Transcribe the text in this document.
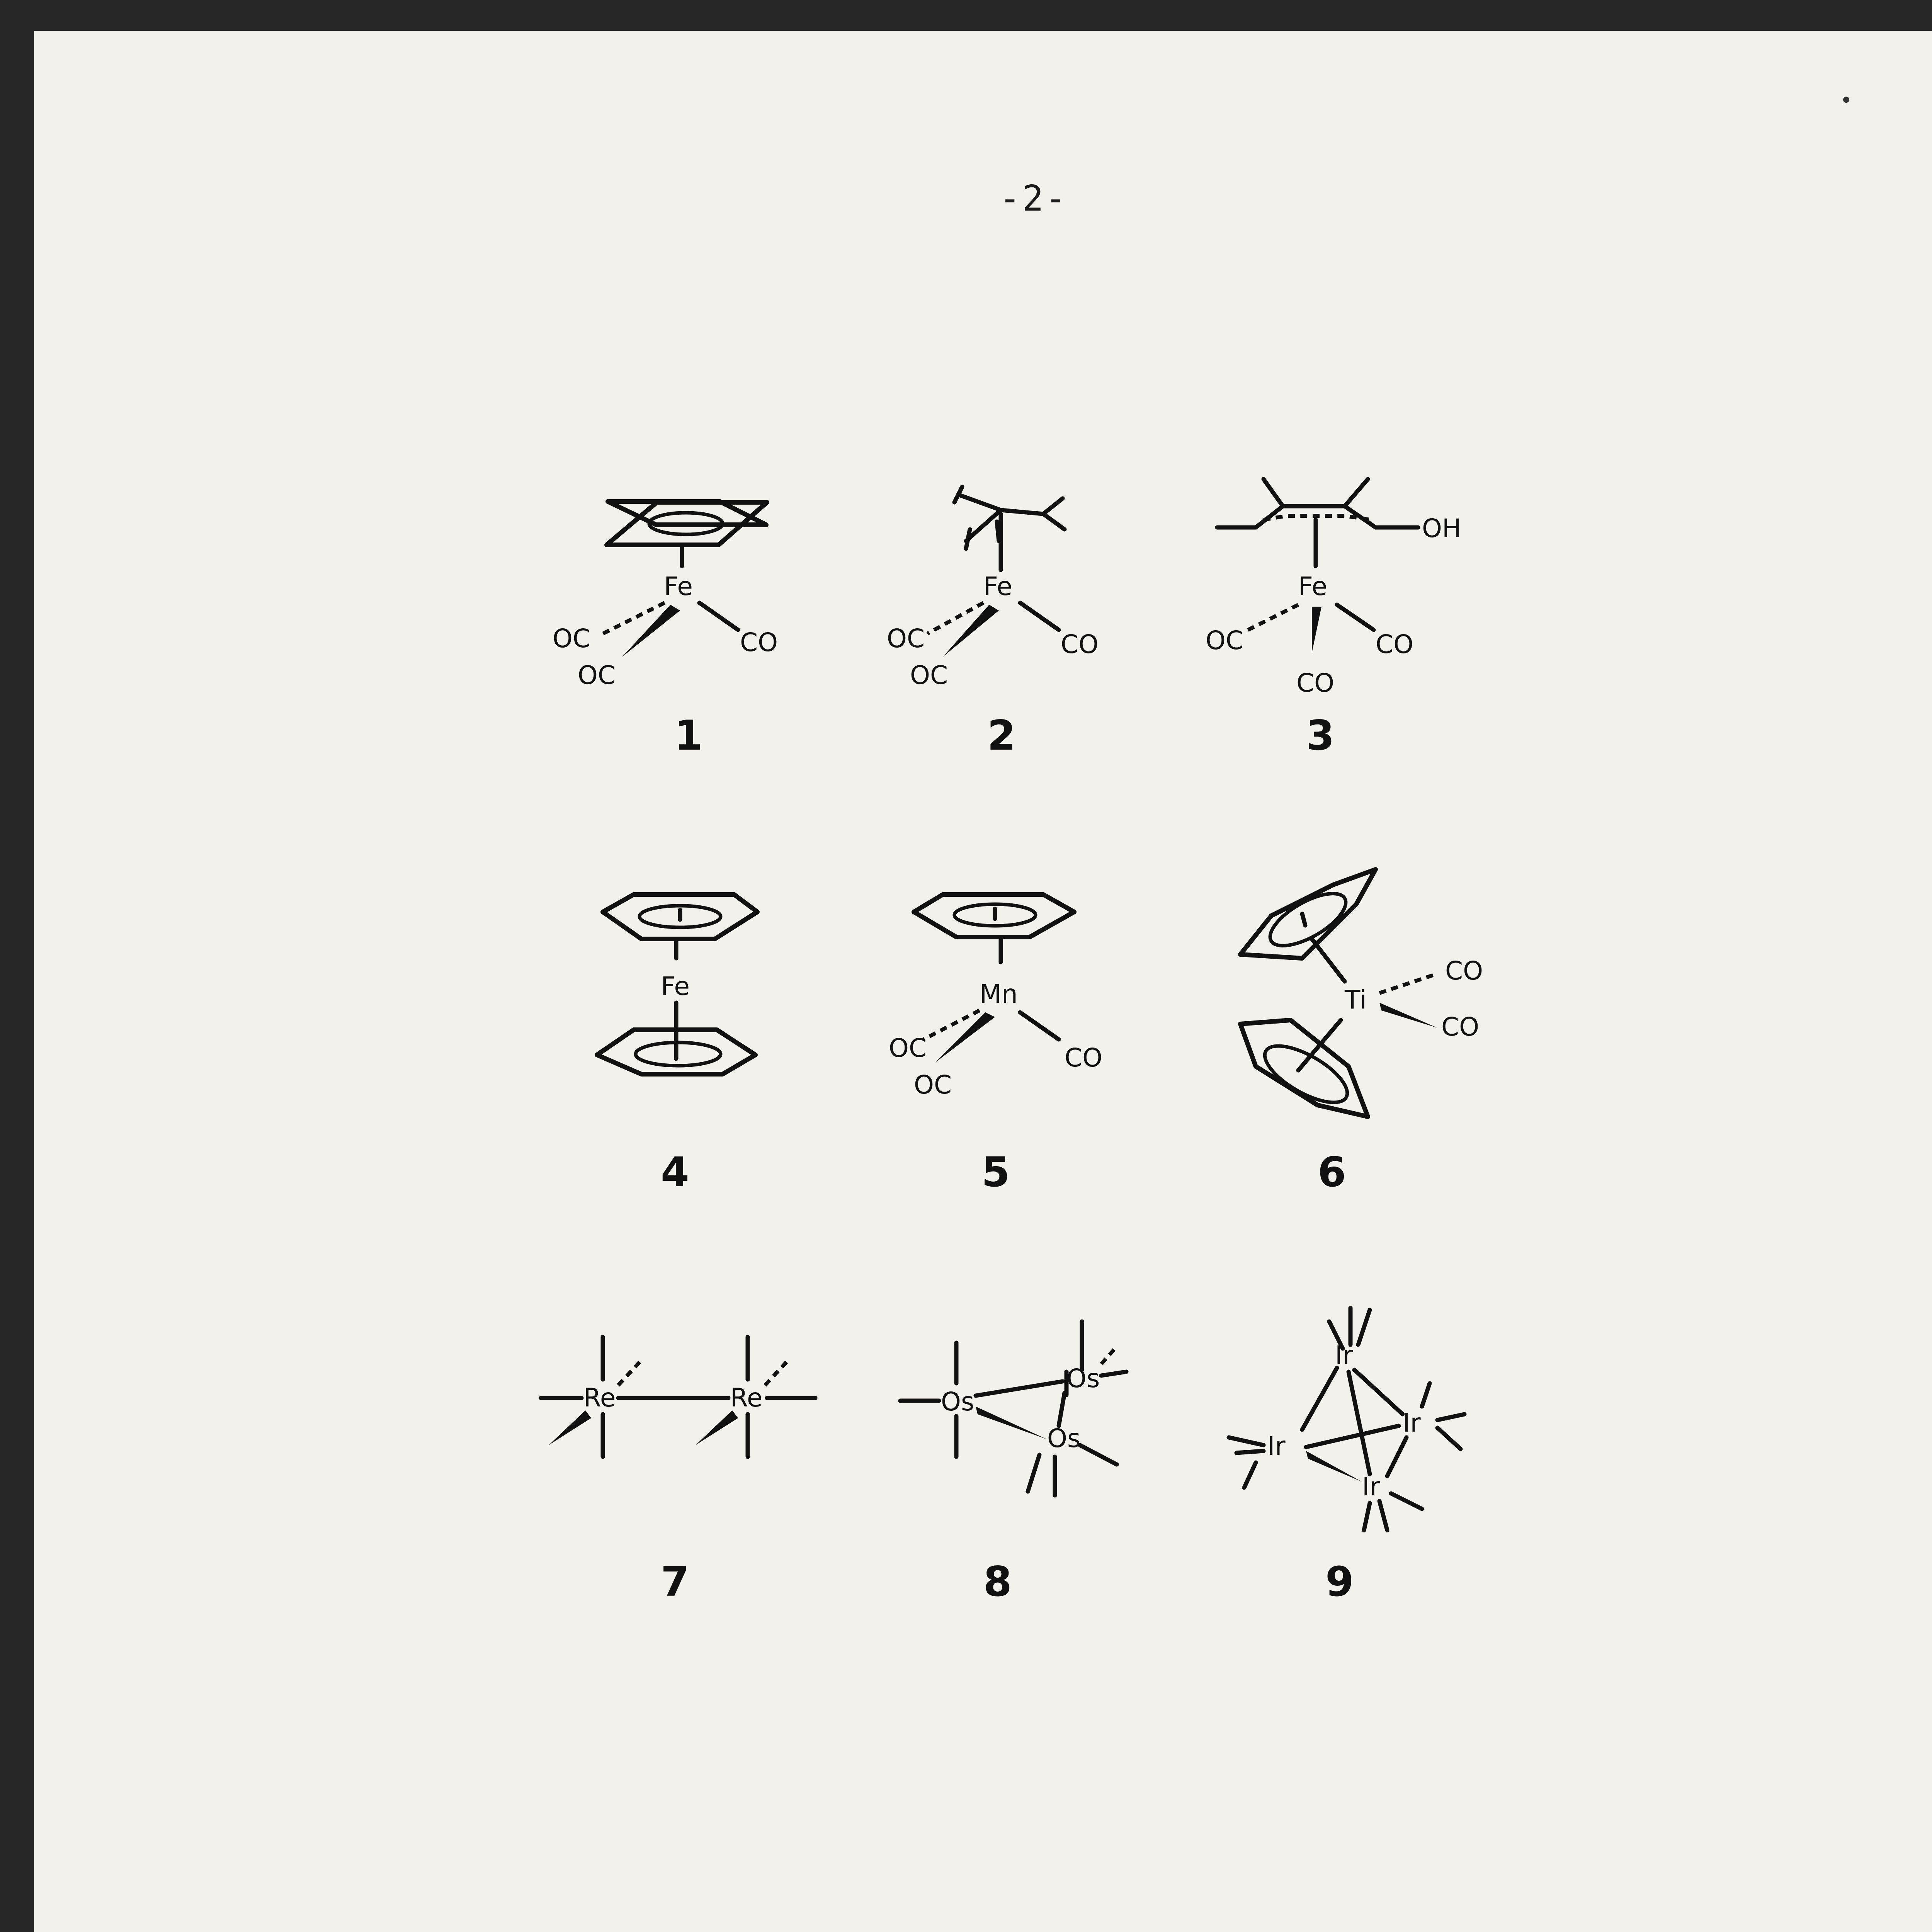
-2-
Fe
OC
OC
CO
Fe
OC
OC
CO
OH
Fe
OC
CO
CO
Fe	Mn
OC
OC
CO
Ti
CO
CO
Re	Re	Os
Os
Os
Ir
Ir
Ir
Ir
1	2	3
4	5	6
7	8	9
